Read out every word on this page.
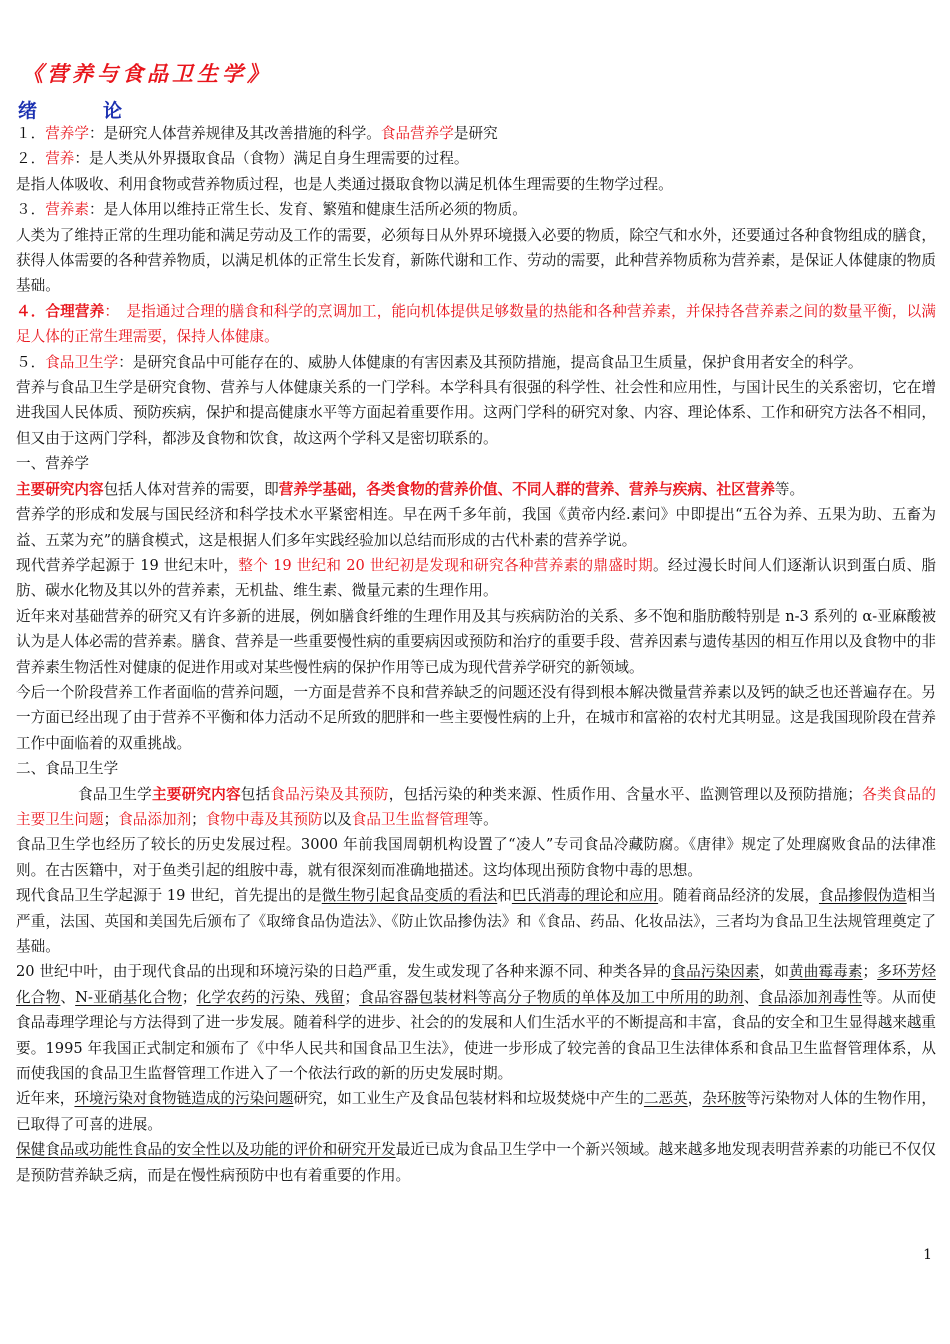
《营养与食品卫生学》
绪	论

１．营养学：是研究人体营养规律及其改善措施的科学。食品营养学是研究

２．营养：是人类从外界摄取食品（食物）满足自身生理需要的过程。

是指人体吸收、利用食物或营养物质过程，也是人类通过摄取食物以满足机体生理需要的生物学过程。

３．营养素：是人体用以维持正常生长、发育、繁殖和健康生活所必须的物质。

人类为了维持正常的生理功能和满足劳动及工作的需要，必须每日从外界环境摄入必要的物质，除空气和水外，还要通过各种食物组成的膳食，获得人体需要的各种营养物质，以满足机体的正常生长发育，新陈代谢和工作、劳动的需要，此种营养物质称为营养素，是保证人体健康的物质基础。

４．合理营养：　是指通过合理的膳食和科学的烹调加工，能向机体提供足够数量的热能和各种营养素，并保持各营养素之间的数量平衡，以满足人体的正常生理需要，保持人体健康。

５．食品卫生学：是研究食品中可能存在的、威胁人体健康的有害因素及其预防措施，提高食品卫生质量，保护食用者安全的科学。

营养与食品卫生学是研究食物、营养与人体健康关系的一门学科。本学科具有很强的科学性、社会性和应用性，与国计民生的关系密切，它在增进我国人民体质、预防疾病，保护和提高健康水平等方面起着重要作用。这两门学科的研究对象、内容、理论体系、工作和研究方法各不相同，但又由于这两门学科，都涉及食物和饮食，故这两个学科又是密切联系的。

一、营养学

主要研究内容包括人体对营养的需要，即营养学基础，各类食物的营养价值、不同人群的营养、营养与疾病、社区营养等。

营养学的形成和发展与国民经济和科学技术水平紧密相连。早在两千多年前，我国《黄帝内经.素问》中即提出“五谷为养、五果为助、五畜为益、五菜为充”的膳食模式，这是根据人们多年实践经验加以总结而形成的古代朴素的营养学说。

现代营养学起源于 19 世纪末叶，整个 19 世纪和 20 世纪初是发现和研究各种营养素的鼎盛时期。经过漫长时间人们逐渐认识到蛋白质、脂肪、碳水化物及其以外的营养素，无机盐、维生素、微量元素的生理作用。

近年来对基础营养的研究又有许多新的进展，例如膳食纤维的生理作用及其与疾病防治的关系、多不饱和脂肪酸特别是 n-3 系列的 α-亚麻酸被认为是人体必需的营养素。膳食、营养是一些重要慢性病的重要病因或预防和治疗的重要手段、营养因素与遗传基因的相互作用以及食物中的非营养素生物活性对健康的促进作用或对某些慢性病的保护作用等已成为现代营养学研究的新领域。

今后一个阶段营养工作者面临的营养问题，一方面是营养不良和营养缺乏的问题还没有得到根本解决微量营养素以及钙的缺乏也还普遍存在。另一方面已经出现了由于营养不平衡和体力活动不足所致的肥胖和一些主要慢性病的上升，在城市和富裕的农村尤其明显。这是我国现阶段在营养工作中面临着的双重挑战。

二、食品卫生学

食品卫生学主要研究内容包括食品污染及其预防，包括污染的种类来源、性质作用、含量水平、监测管理以及预防措施；各类食品的主要卫生问题；食品添加剂；食物中毒及其预防以及食品卫生监督管理等。

食品卫生学也经历了较长的历史发展过程。3000 年前我国周朝机构设置了“凌人”专司食品冷藏防腐。《唐律》规定了处理腐败食品的法律准则。在古医籍中，对于鱼类引起的组胺中毒，就有很深刻而准确地描述。这均体现出预防食物中毒的思想。

现代食品卫生学起源于 19 世纪，首先提出的是微生物引起食品变质的看法和巴氏消毒的理论和应用。随着商品经济的发展，食品掺假伪造相当严重，法国、英国和美国先后颁布了《取缔食品伪造法》、《防止饮品掺伪法》和《食品、药品、化妆品法》，三者均为食品卫生法规管理奠定了基础。

20 世纪中叶，由于现代食品的出现和环境污染的日趋严重，发生或发现了各种来源不同、种类各异的食品污染因素，如黄曲霉毒素；多环芳烃化合物、N-亚硝基化合物；化学农药的污染、残留；食品容器包装材料等高分子物质的单体及加工中所用的助剂、食品添加剂毒性等。从而使食品毒理学理论与方法得到了进一步发展。随着科学的进步、社会的的发展和人们生活水平的不断提高和丰富，食品的安全和卫生显得越来越重要。1995 年我国正式制定和颁布了《中华人民共和国食品卫生法》，使进一步形成了较完善的食品卫生法律体系和食品卫生监督管理体系，从而使我国的食品卫生监督管理工作进入了一个依法行政的新的历史发展时期。

近年来，环境污染对食物链造成的污染问题研究，如工业生产及食品包装材料和垃圾焚烧中产生的二恶英，杂环胺等污染物对人体的生物作用，已取得了可喜的进展。

保健食品或功能性食品的安全性以及功能的评价和研究开发最近已成为食品卫生学中一个新兴领域。越来越多地发现表明营养素的功能已不仅仅是预防营养缺乏病，而是在慢性病预防中也有着重要的作用。

1
